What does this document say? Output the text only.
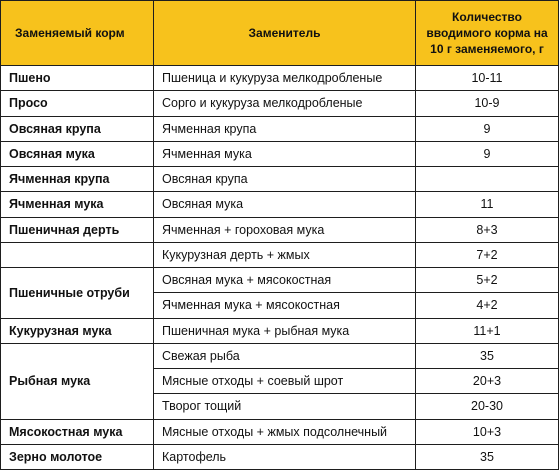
Заменяемый корм	Заменитель	Количество вводимого корма на 10 г заменяемого, г
Пшено	Пшеница и кукуруза мелкодробленые	10-11
Просо	Сорго и кукуруза мелкодробленые	10-9
Овсяная крупа	Ячменная крупа	9
Овсяная мука	Ячменная мука	9
Ячменная крупа	Овсяная крупа	
Ячменная мука	Овсяная мука	11
Пшеничная дерть	Ячменная + гороховая мука	8+3
	Кукурузная дерть + жмых	7+2
Пшеничные отруби	Овсяная мука + мясокостная	5+2
	Ячменная мука + мясокостная	4+2
Кукурузная мука	Пшеничная мука + рыбная мука	11+1
Рыбная мука	Свежая рыба	35
	Мясные отходы + соевый шрот	20+3
	Творог тощий	20-30
Мясокостная мука	Мясные отходы + жмых подсолнечный	10+3
Зерно молотое	Картофель	35
